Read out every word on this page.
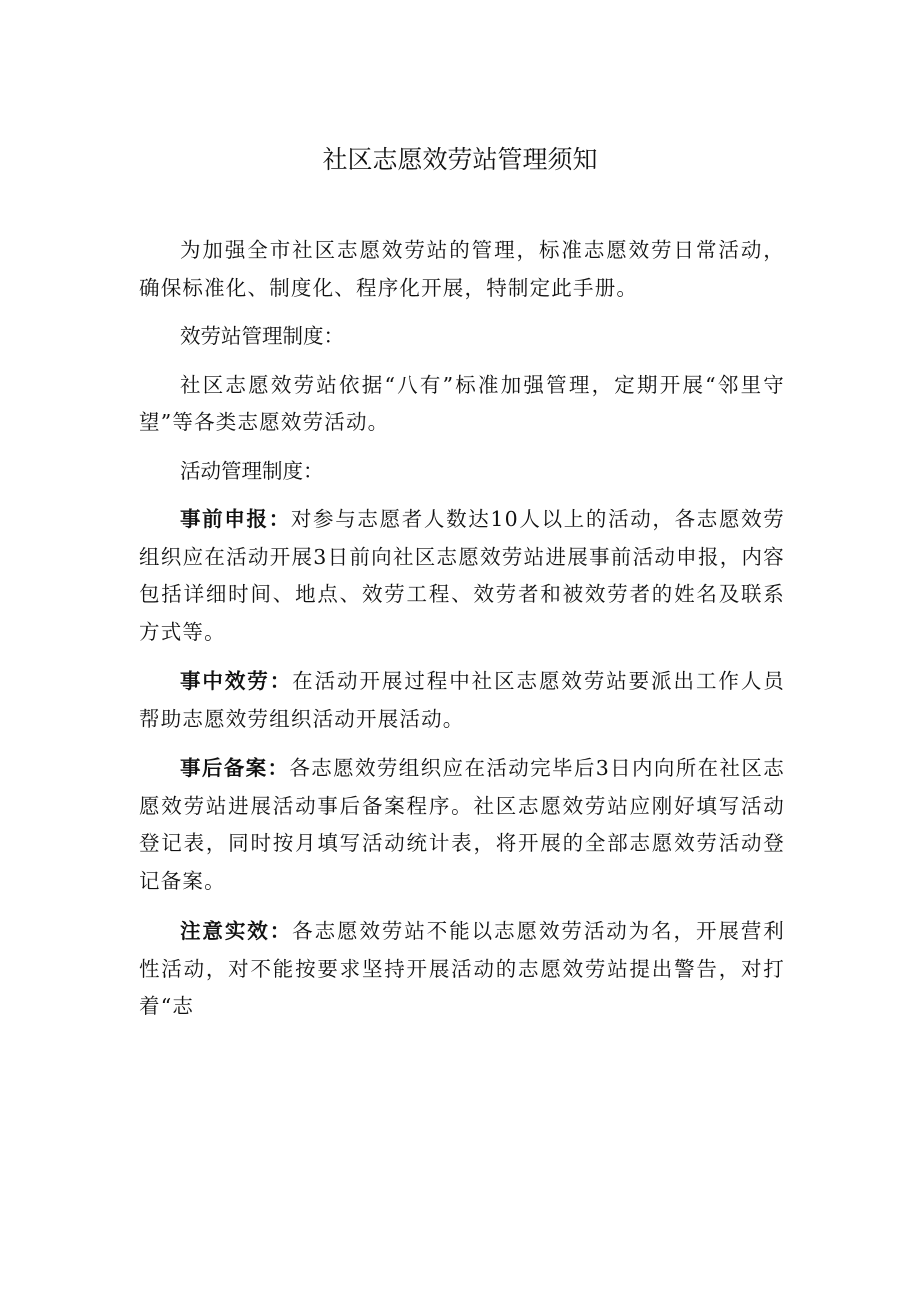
社区志愿效劳站管理须知

为加强全市社区志愿效劳站的管理，标准志愿效劳日常活动，确保标准化、制度化、程序化开展，特制定此手册。

效劳站管理制度：

社区志愿效劳站依据“八有”标准加强管理，定期开展“邻里守望”等各类志愿效劳活动。

活动管理制度：

事前申报：对参与志愿者人数达10人以上的活动，各志愿效劳组织应在活动开展3日前向社区志愿效劳站进展事前活动申报，内容包括详细时间、地点、效劳工程、效劳者和被效劳者的姓名及联系方式等。

事中效劳：在活动开展过程中社区志愿效劳站要派出工作人员帮助志愿效劳组织活动开展活动。

事后备案：各志愿效劳组织应在活动完毕后3日内向所在社区志愿效劳站进展活动事后备案程序。社区志愿效劳站应刚好填写活动登记表，同时按月填写活动统计表，将开展的全部志愿效劳活动登记备案。

注意实效：各志愿效劳站不能以志愿效劳活动为名，开展营利性活动，对不能按要求坚持开展活动的志愿效劳站提出警告，对打着“志
